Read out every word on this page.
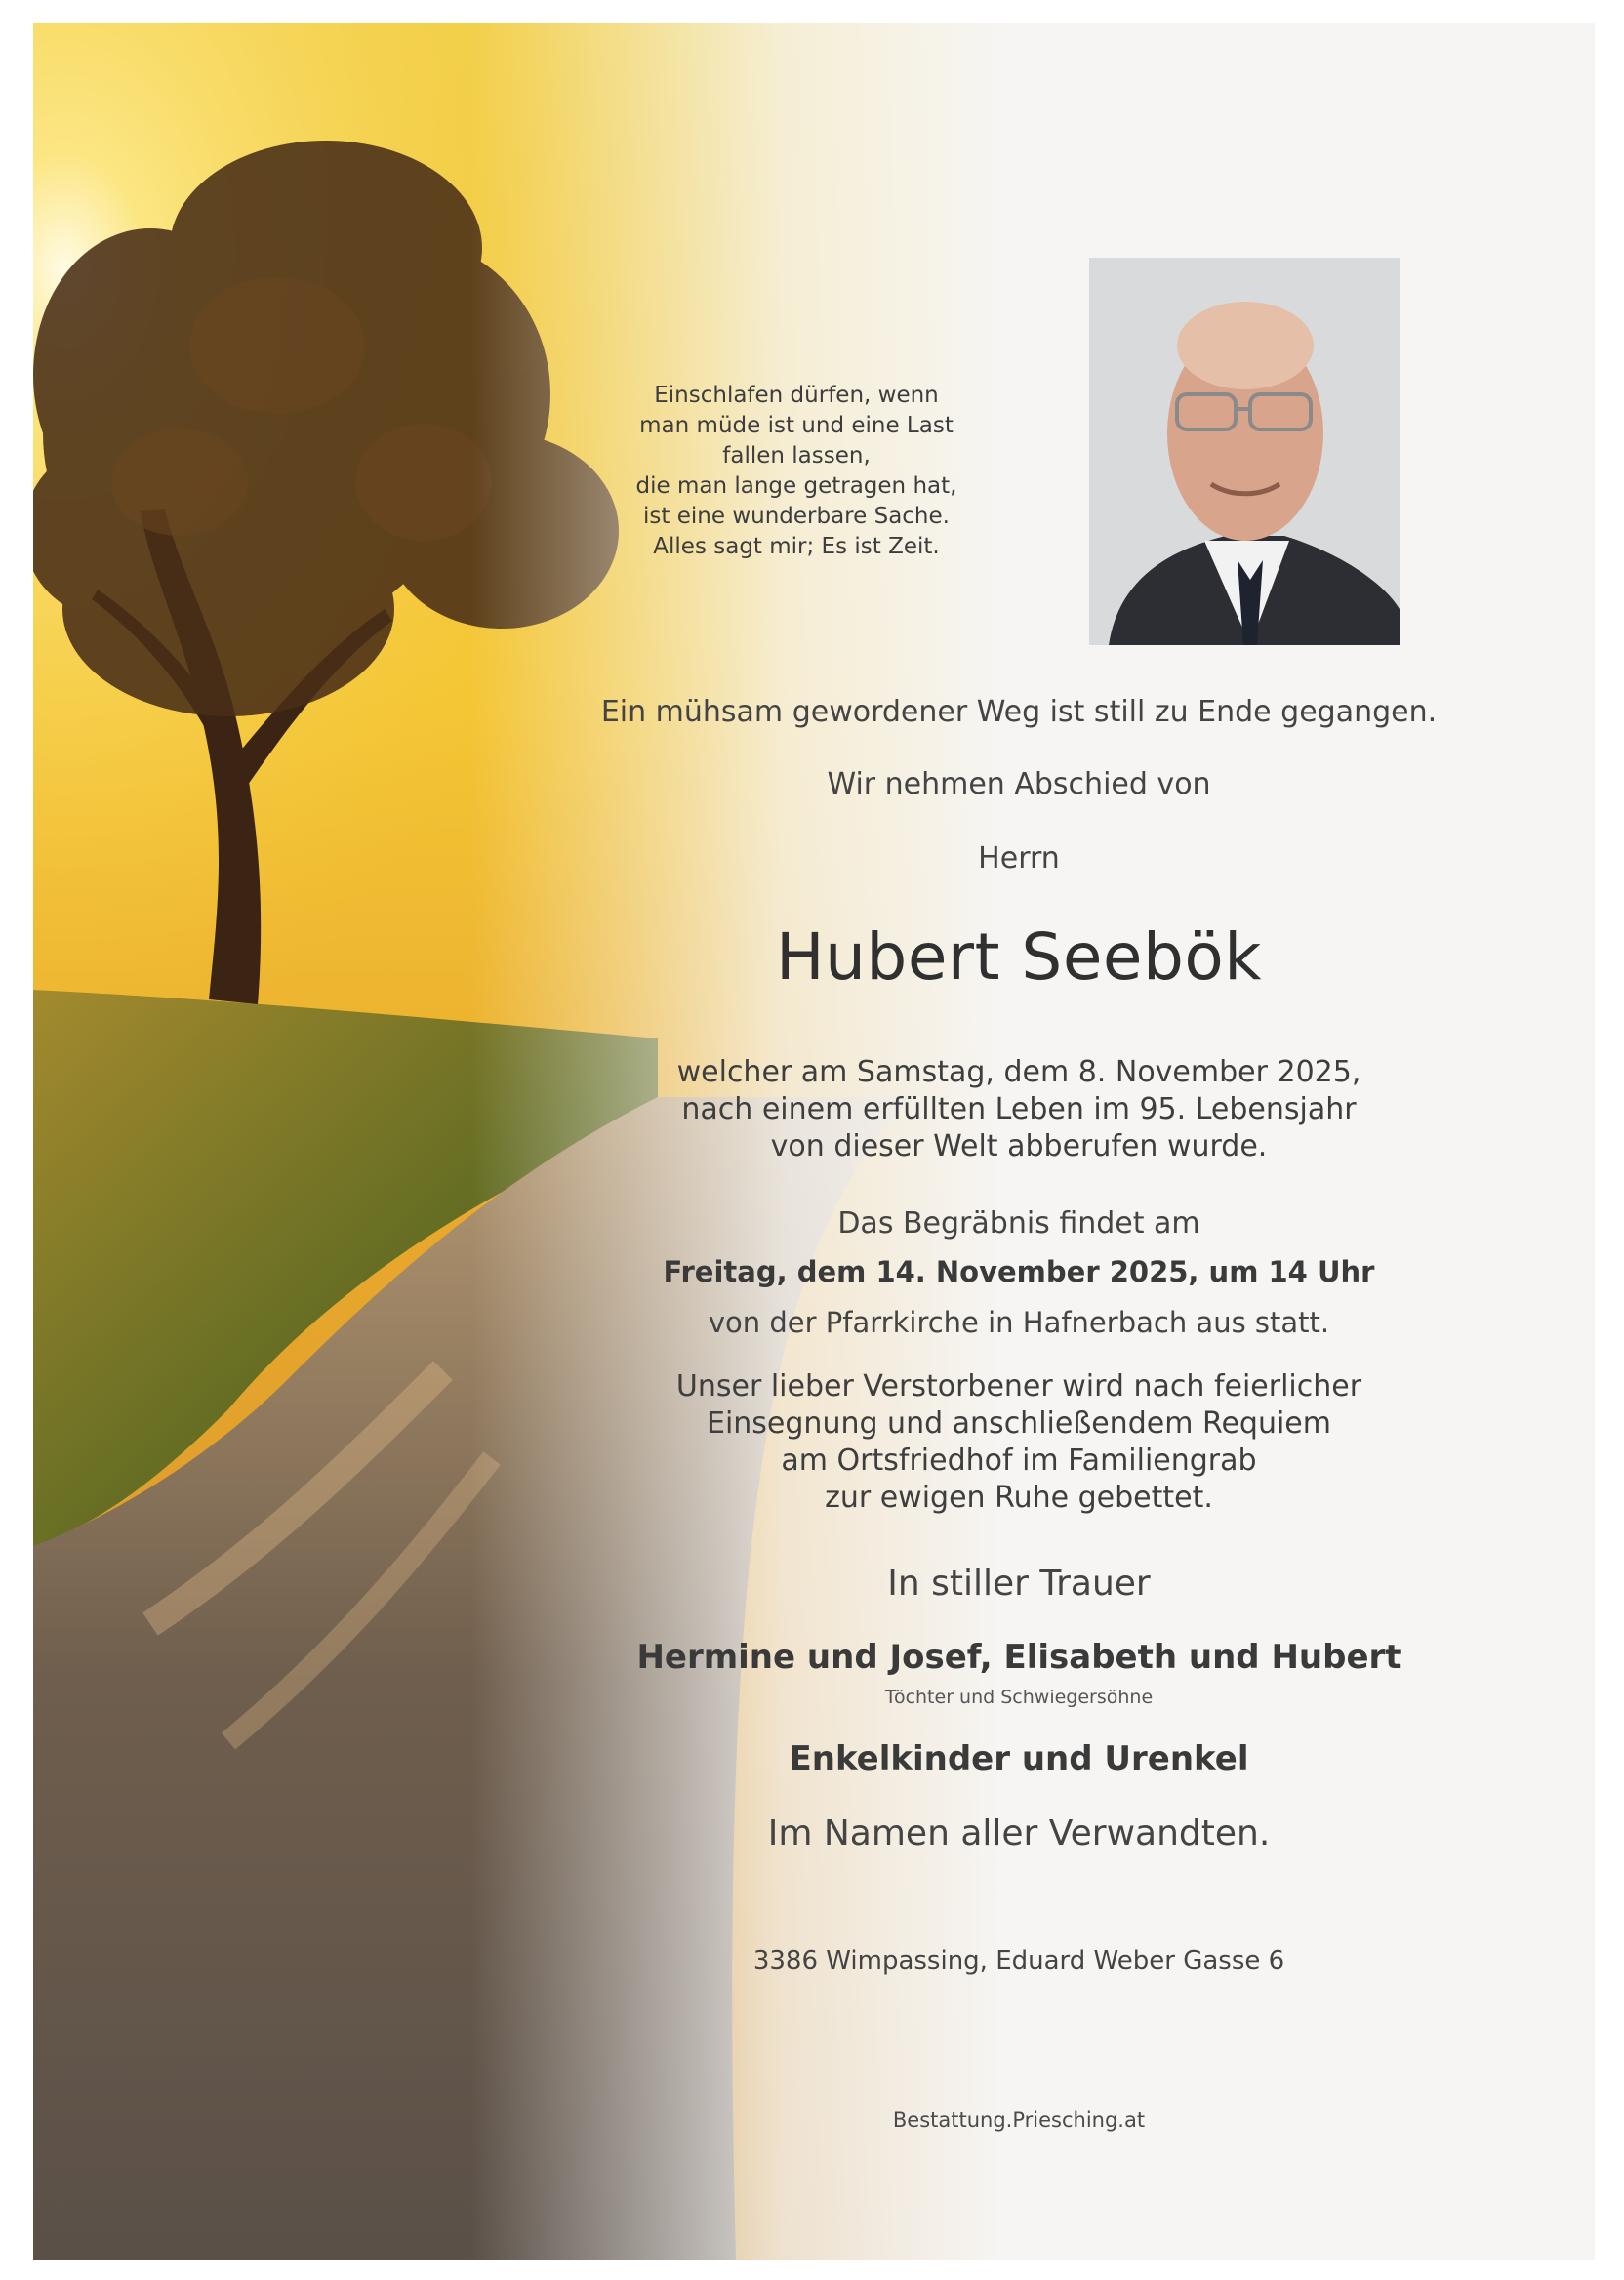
Einschlafen dürfen, wenn
man müde ist und eine Last
fallen lassen,
die man lange getragen hat,
ist eine wunderbare Sache.
Alles sagt mir; Es ist Zeit.
Ein mühsam gewordener Weg ist still zu Ende gegangen.
Wir nehmen Abschied von
Herrn
Hubert Seebök
welcher am Samstag, dem 8. November 2025,
nach einem erfüllten Leben im 95. Lebensjahr
von dieser Welt abberufen wurde.
Das Begräbnis findet am
Freitag, dem 14. November 2025, um 14 Uhr
von der Pfarrkirche in Hafnerbach aus statt.
Unser lieber Verstorbener wird nach feierlicher
Einsegnung und anschließendem Requiem
am Ortsfriedhof im Familiengrab
zur ewigen Ruhe gebettet.
In stiller Trauer
Hermine und Josef, Elisabeth und Hubert
Töchter und Schwiegersöhne
Enkelkinder und Urenkel
Im Namen aller Verwandten.
3386 Wimpassing, Eduard Weber Gasse 6
Bestattung.Priesching.at
